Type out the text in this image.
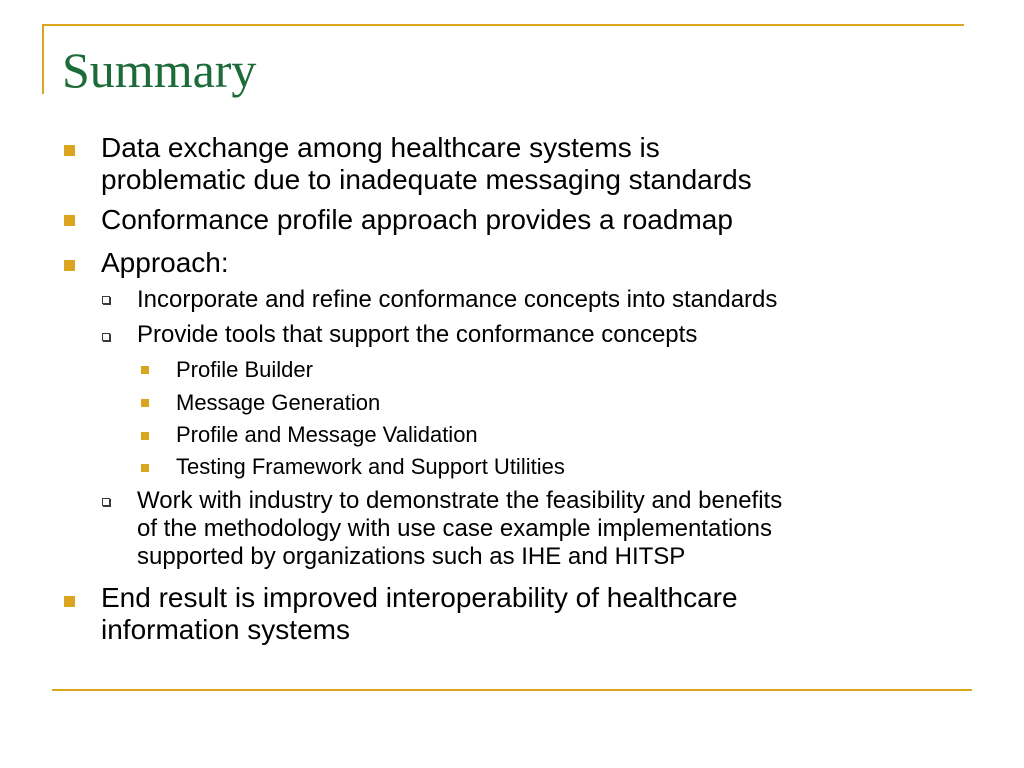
Summary
Data exchange among healthcare systems is
problematic due to inadequate messaging standards
Conformance profile approach provides a roadmap
Approach:
Incorporate and refine conformance concepts into standards
Provide tools that support the conformance concepts
Profile Builder
Message Generation
Profile and Message Validation
Testing Framework and Support Utilities
Work with industry to demonstrate the feasibility and benefits
of the methodology with use case example implementations
supported by organizations such as IHE and HITSP
End result is improved interoperability of healthcare
information systems
